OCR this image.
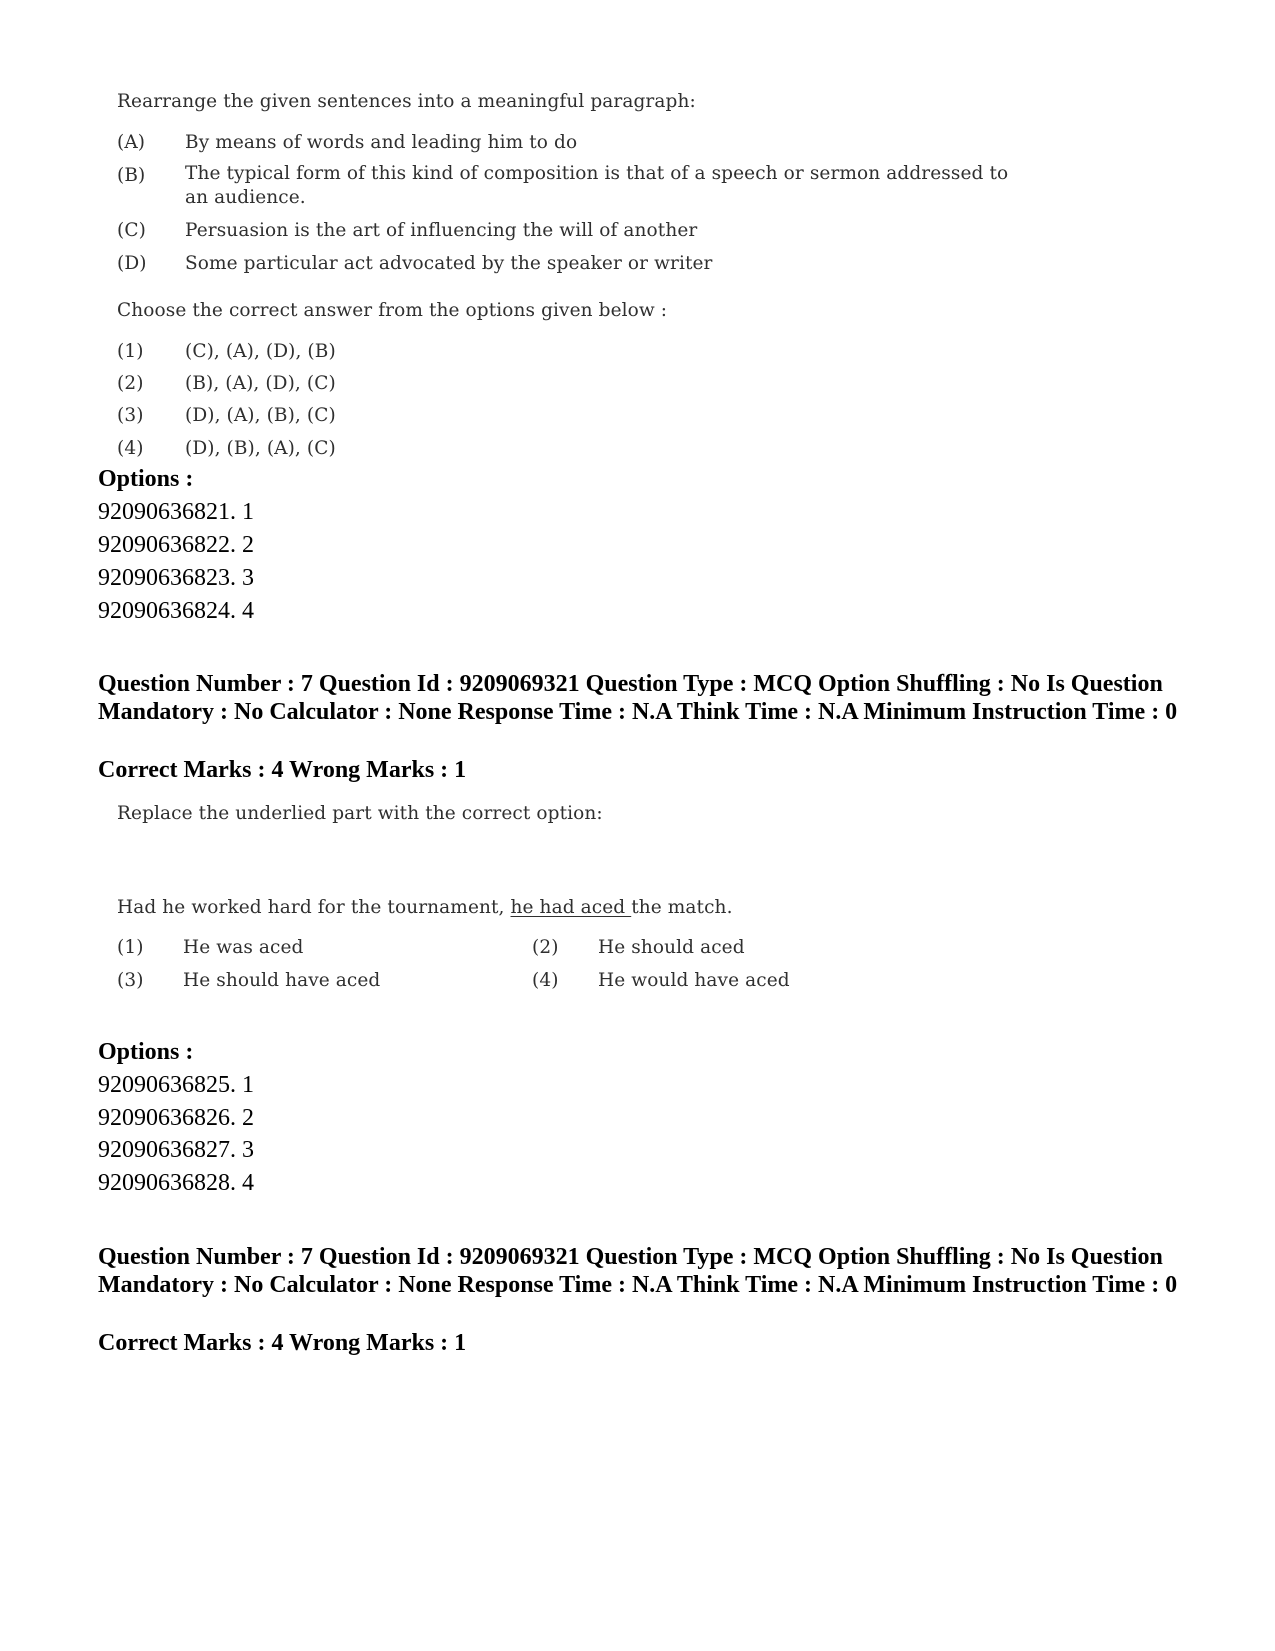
Rearrange the given sentences into a meaningful paragraph:
(A) By means of words and leading him to do
(B) The typical form of this kind of composition is that of a speech or sermon addressed to an audience.
(C) Persuasion is the art of influencing the will of another
(D) Some particular act advocated by the speaker or writer
Choose the correct answer from the options given below :
(1) (C), (A), (D), (B)
(2) (B), (A), (D), (C)
(3) (D), (A), (B), (C)
(4) (D), (B), (A), (C)
Options :
92090636821. 1
92090636822. 2
92090636823. 3
92090636824. 4
Question Number : 7 Question Id : 9209069321 Question Type : MCQ Option Shuffling : No Is Question Mandatory : No Calculator : None Response Time : N.A Think Time : N.A Minimum Instruction Time : 0
Correct Marks : 4 Wrong Marks : 1
Replace the underlied part with the correct option:
Had he worked hard for the tournament, he had aced the match.
(1) He was aced	(2) He should aced
(3) He should have aced	(4) He would have aced
Options :
92090636825. 1
92090636826. 2
92090636827. 3
92090636828. 4
Question Number : 7 Question Id : 9209069321 Question Type : MCQ Option Shuffling : No Is Question Mandatory : No Calculator : None Response Time : N.A Think Time : N.A Minimum Instruction Time : 0
Correct Marks : 4 Wrong Marks : 1
